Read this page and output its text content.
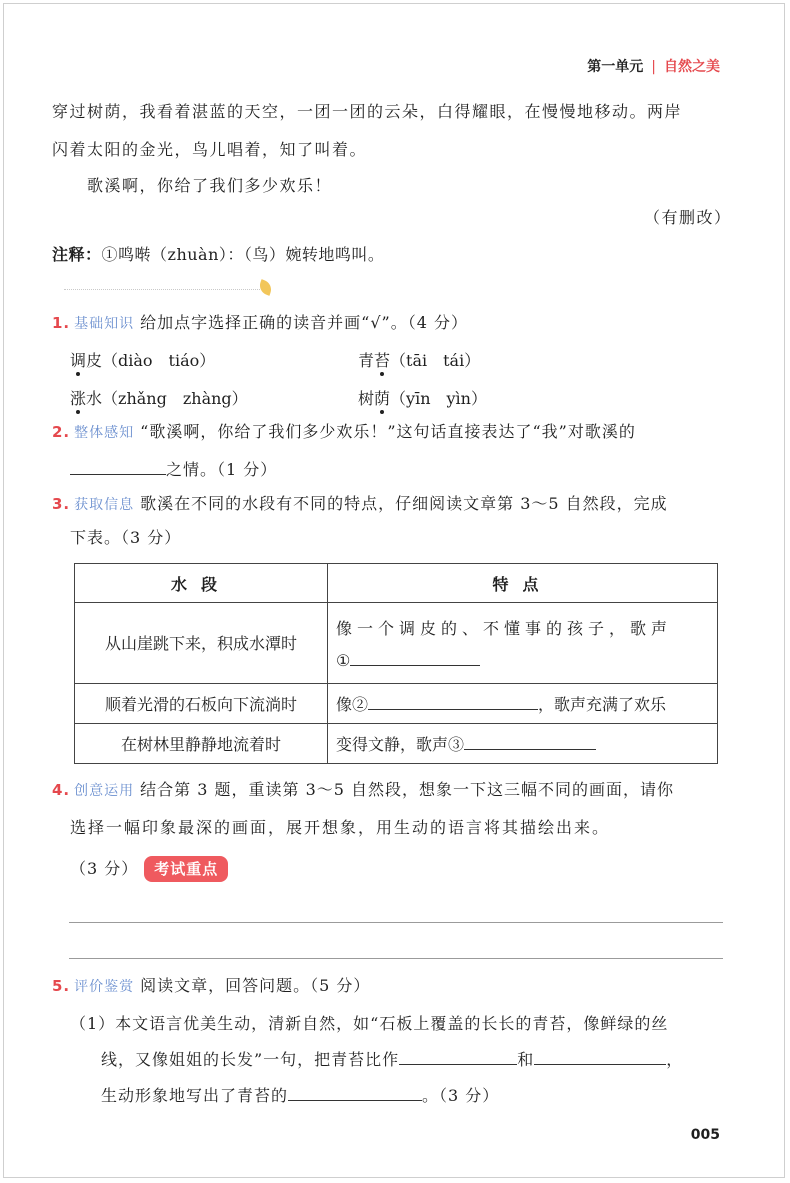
第一单元 | 自然之美
穿过树荫，我看着湛蓝的天空，一团一团的云朵，白得耀眼，在慢慢地移动。两岸
闪着太阳的金光，鸟儿唱着，知了叫着。
歌溪啊，你给了我们多少欢乐！
（有删改）
注释：①鸣啭（zhuàn）：（鸟）婉转地鸣叫。
1. 基础知识 给加点字选择正确的读音并画“√”。（4 分）
调皮（diào　tiáo）	青苔（tāi　tái）
涨水（zhǎng　zhàng）	树荫（yīn　yìn）
2. 整体感知 “歌溪啊，你给了我们多少欢乐！”这句话直接表达了“我”对歌溪的
之情。（1 分）
3. 获取信息 歌溪在不同的水段有不同的特点，仔细阅读文章第 3～5 自然段，完成
下表。（3 分）
水段	特点
从山崖跳下来，积成水潭时	像一个调皮的、不懂事的孩子，歌声
①

顺着光滑的石板向下流淌时	像② ，歌声充满了欢乐
在树林里静静地流着时	变得文静，歌声③
4. 创意运用 结合第 3 题，重读第 3～5 自然段，想象一下这三幅不同的画面，请你
选择一幅印象最深的画面，展开想象，用生动的语言将其描绘出来。
（3 分） 考试重点
5. 评价鉴赏 阅读文章，回答问题。（5 分）
（1）本文语言优美生动，清新自然，如“石板上覆盖的长长的青苔，像鲜绿的丝
线，又像姐姐的长发”一句，把青苔比作	和	，
生动形象地写出了青苔的	。（3 分）
005
